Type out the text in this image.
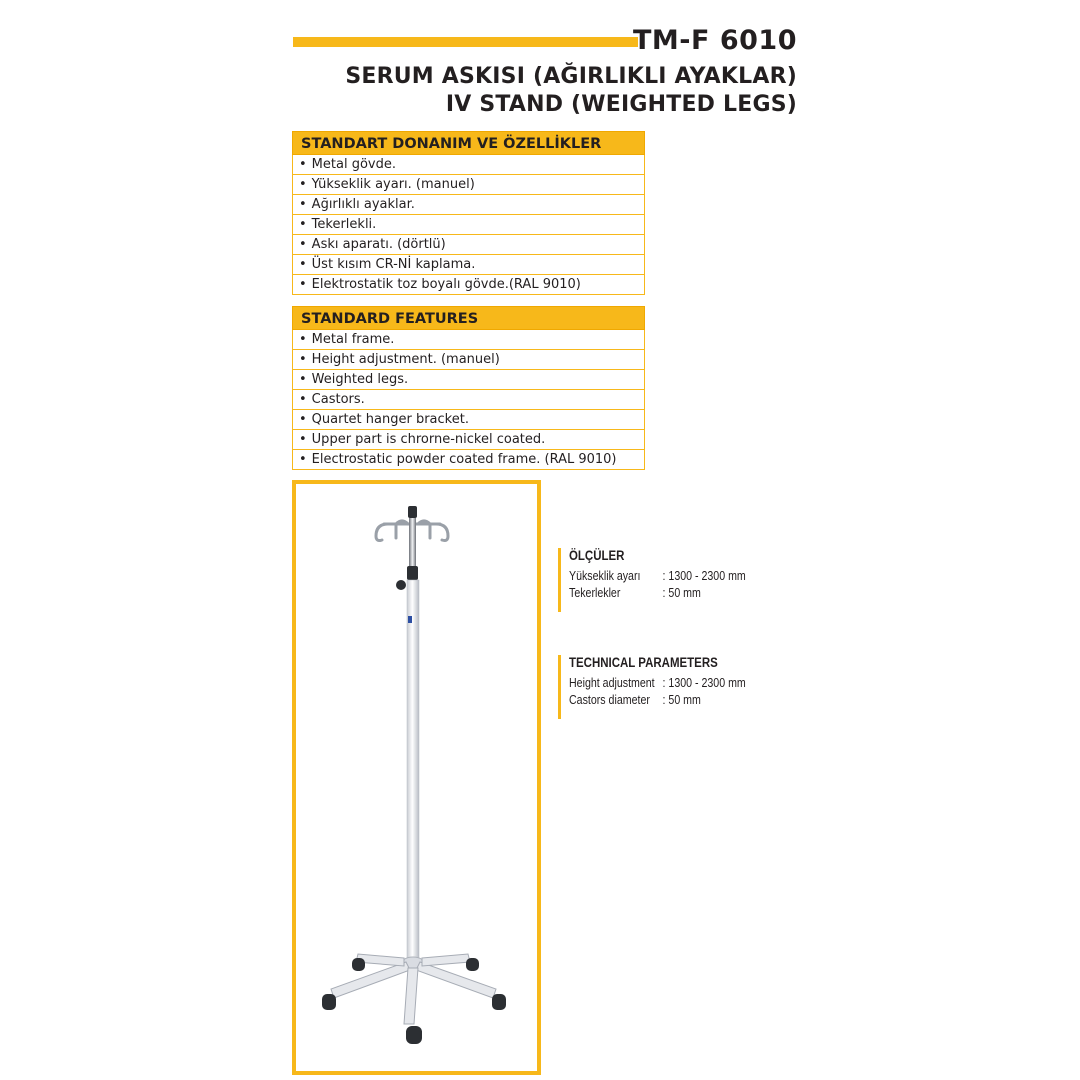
TM-F 6010
SERUM ASKISI (AĞIRLIKLI AYAKLAR)
IV STAND (WEIGHTED LEGS)
STANDART DONANIM VE ÖZELLİKLER
• Metal gövde.
• Yükseklik ayarı. (manuel)
• Ağırlıklı ayaklar.
• Tekerlekli.
• Askı aparatı. (dörtlü)
• Üst kısım CR-Nİ kaplama.
• Elektrostatik toz boyalı gövde.(RAL 9010)
STANDARD FEATURES
• Metal frame.
• Height adjustment. (manuel)
• Weighted legs.
• Castors.
• Quartet hanger bracket.
• Upper part is chrorne-nickel coated.
• Electrostatic powder coated frame. (RAL 9010)
ÖLÇÜLER
Yükseklik ayarı : 1300 - 2300 mm
Tekerlekler	: 50 mm
TECHNICAL PARAMETERS
Height adjustment : 1300 - 2300 mm
Castors diameter : 50 mm
